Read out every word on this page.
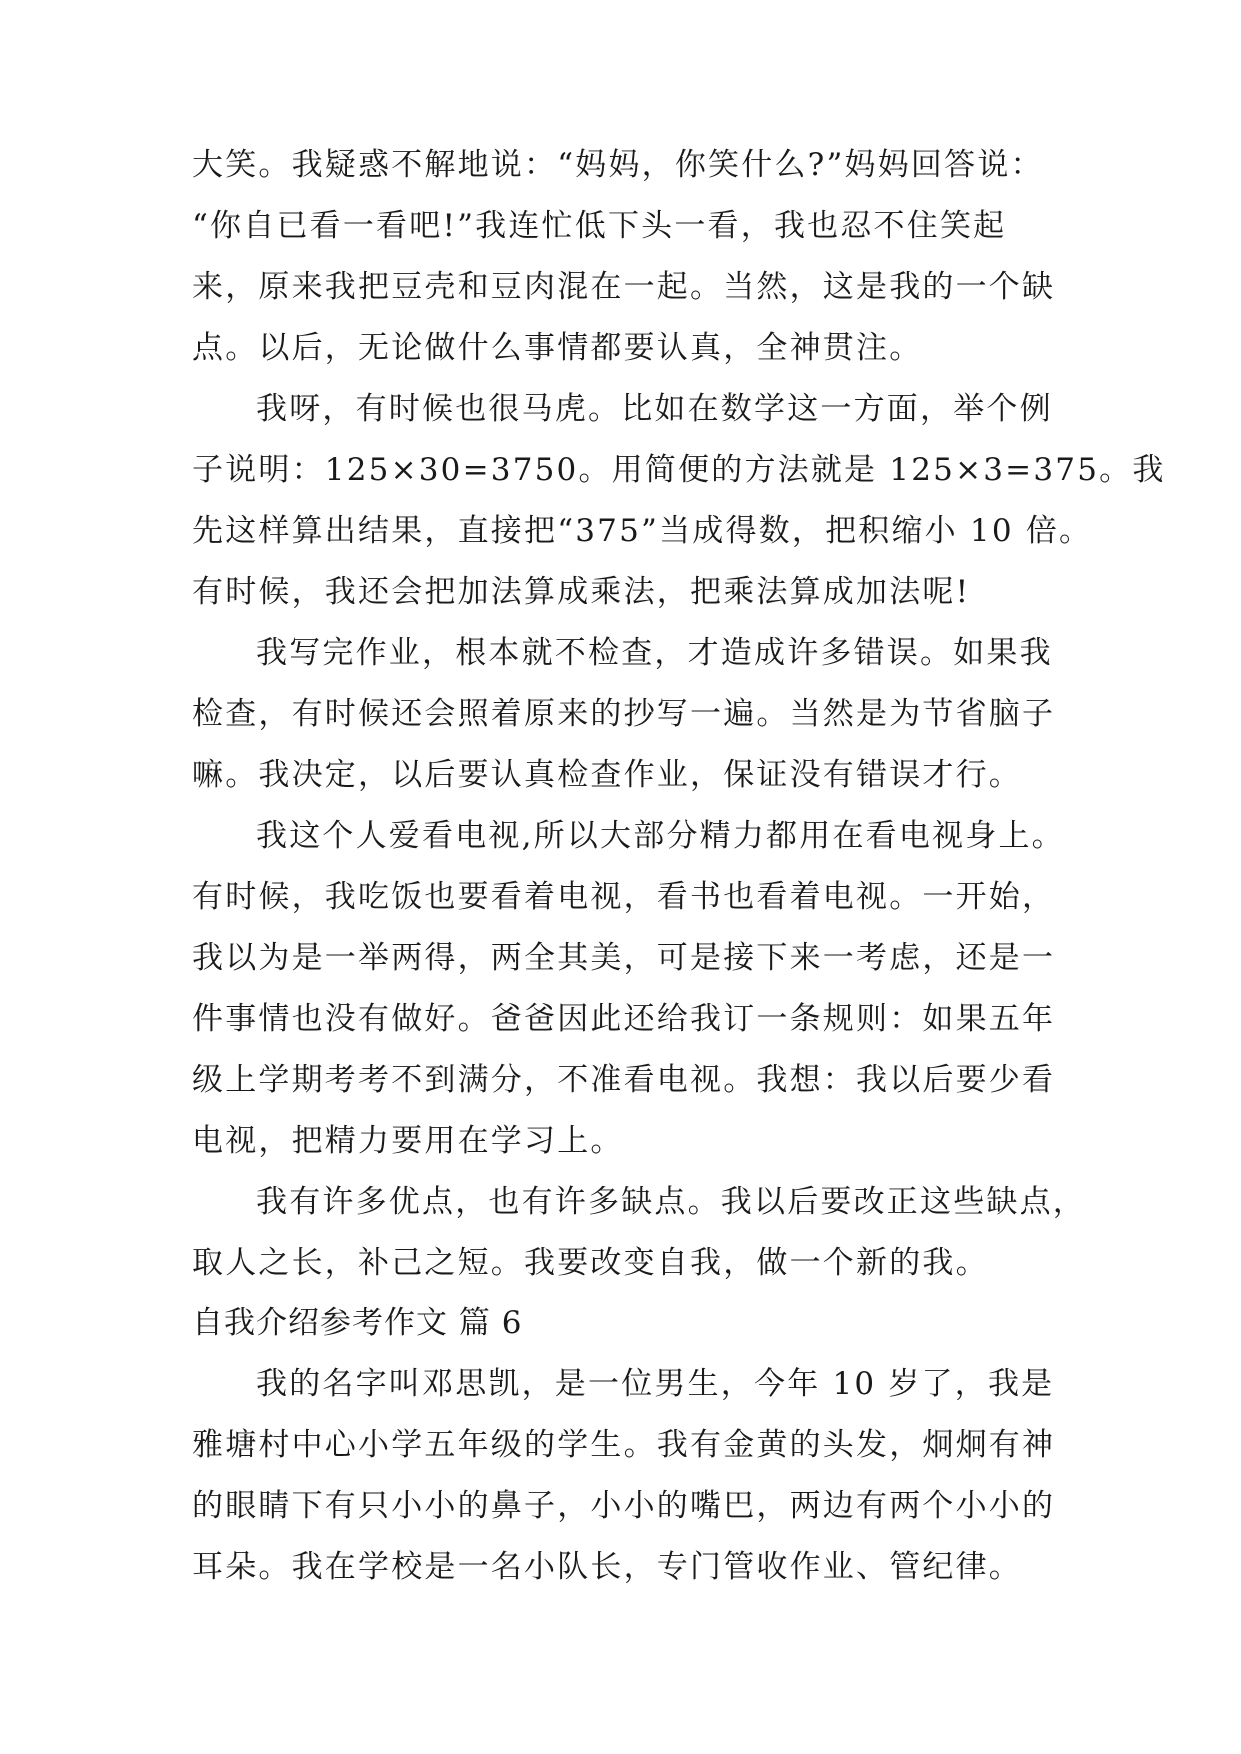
大笑。我疑惑不解地说：“妈妈，你笑什么?”妈妈回答说：
“你自已看一看吧!”我连忙低下头一看，我也忍不住笑起
来，原来我把豆壳和豆肉混在一起。当然，这是我的一个缺
点。以后，无论做什么事情都要认真，全神贯注。
我呀，有时候也很马虎。比如在数学这一方面，举个例
子说明：125×30=3750。用简便的方法就是 125×3=375。我
先这样算出结果，直接把“375”当成得数，把积缩小 10 倍。
有时候，我还会把加法算成乘法，把乘法算成加法呢!
我写完作业，根本就不检查，才造成许多错误。如果我
检查，有时候还会照着原来的抄写一遍。当然是为节省脑子
嘛。我决定，以后要认真检查作业，保证没有错误才行。
我这个人爱看电视,所以大部分精力都用在看电视身上。
有时候，我吃饭也要看着电视，看书也看着电视。一开始，
我以为是一举两得，两全其美，可是接下来一考虑，还是一
件事情也没有做好。爸爸因此还给我订一条规则：如果五年
级上学期考考不到满分，不准看电视。我想：我以后要少看
电视，把精力要用在学习上。
我有许多优点，也有许多缺点。我以后要改正这些缺点，
取人之长，补己之短。我要改变自我，做一个新的我。
自我介绍参考作文 篇 6
我的名字叫邓思凯，是一位男生，今年 10 岁了，我是
雅塘村中心小学五年级的学生。我有金黄的头发，炯炯有神
的眼睛下有只小小的鼻子，小小的嘴巴，两边有两个小小的
耳朵。我在学校是一名小队长，专门管收作业、管纪律。
